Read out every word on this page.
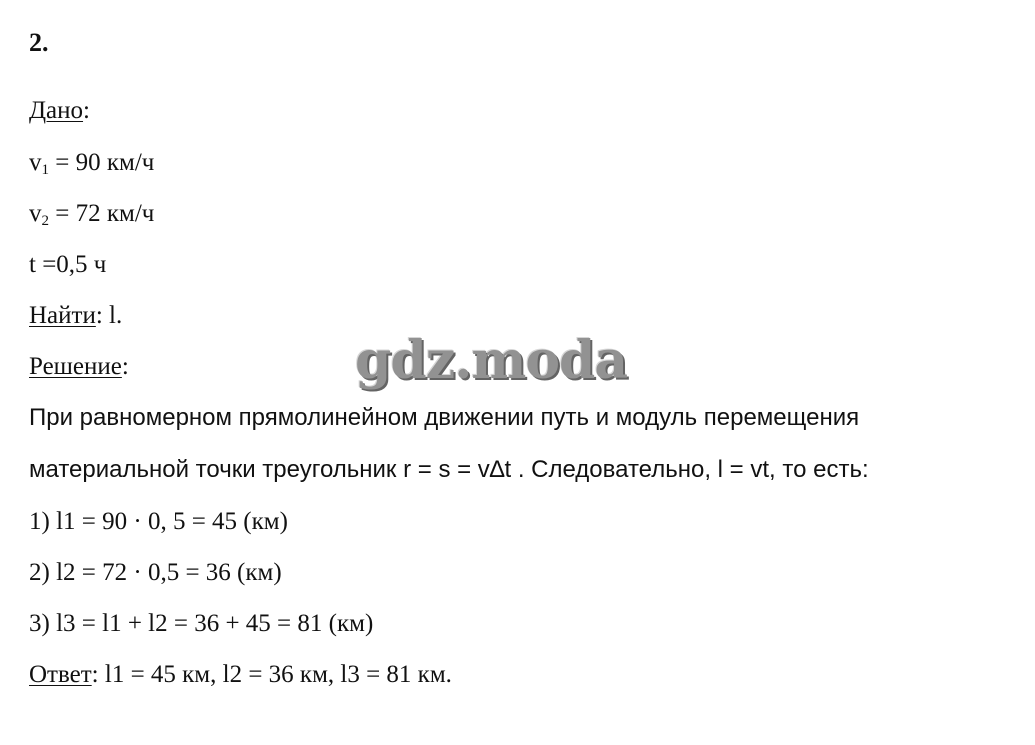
2.
Дано:
$v_1 = 90$ км/ч
$v_2 = 72$ км/ч
t =0,5 ч
Найти: l.
Решение:	gdz.moda
При равномерном прямолинейном движении путь и модуль перемещения
материальной точки треугольник r = s = v∆t . Следовательно, l = vt, то есть:
1) l1 = 90 · 0, 5 = 45 (км)
2) l2 = 72 · 0,5 = 36 (км)
3) l3 = l1 + l2 = 36 + 45 = 81 (км)
Ответ: l1 = 45 км, l2 = 36 км, l3 = 81 км.
